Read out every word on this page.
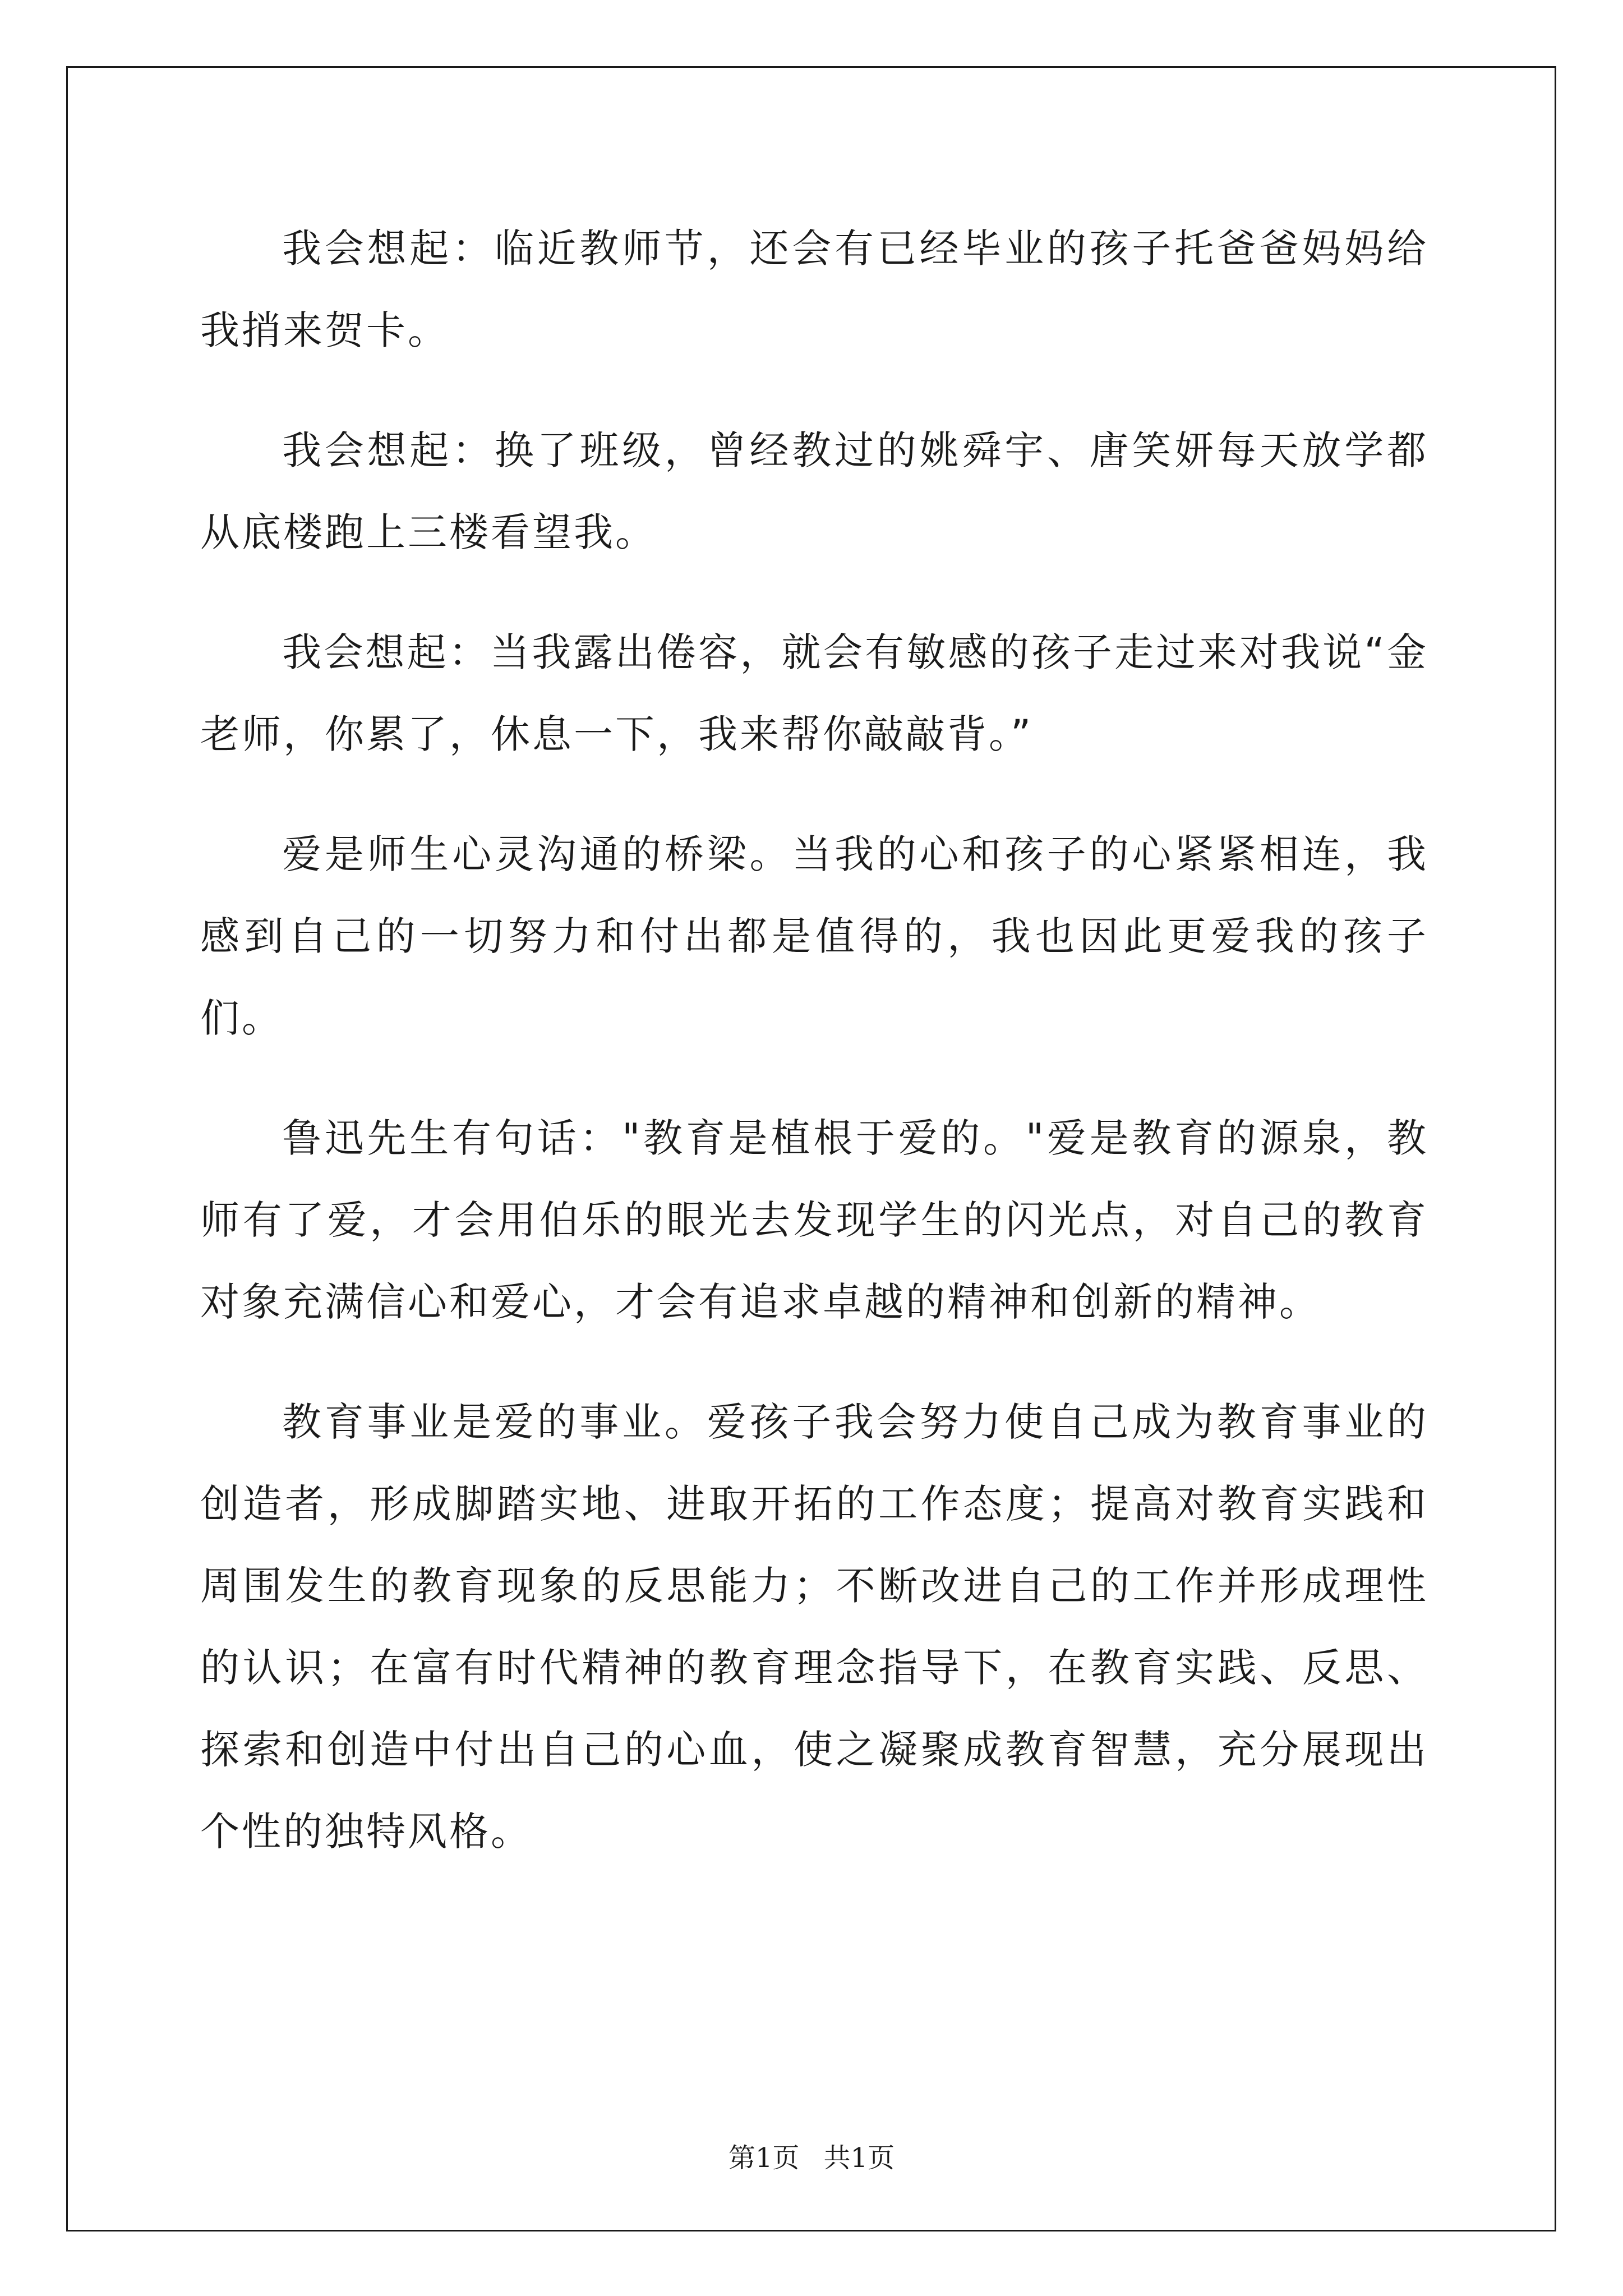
我会想起：临近教师节，还会有已经毕业的孩子托爸爸妈妈给我捎来贺卡。

我会想起：换了班级，曾经教过的姚舜宇、唐笑妍每天放学都从底楼跑上三楼看望我。

我会想起：当我露出倦容，就会有敏感的孩子走过来对我说“金老师，你累了，休息一下，我来帮你敲敲背。”

爱是师生心灵沟通的桥梁。当我的心和孩子的心紧紧相连，我感到自己的一切努力和付出都是值得的，我也因此更爱我的孩子们。

鲁迅先生有句话："教育是植根于爱的。"爱是教育的源泉，教师有了爱，才会用伯乐的眼光去发现学生的闪光点，对自己的教育对象充满信心和爱心，才会有追求卓越的精神和创新的精神。

教育事业是爱的事业。爱孩子我会努力使自己成为教育事业的创造者，形成脚踏实地、进取开拓的工作态度；提高对教育实践和周围发生的教育现象的反思能力；不断改进自己的工作并形成理性的认识；在富有时代精神的教育理念指导下，在教育实践、反思、探索和创造中付出自己的心血，使之凝聚成教育智慧，充分展现出个性的独特风格。

第1页 共1页
